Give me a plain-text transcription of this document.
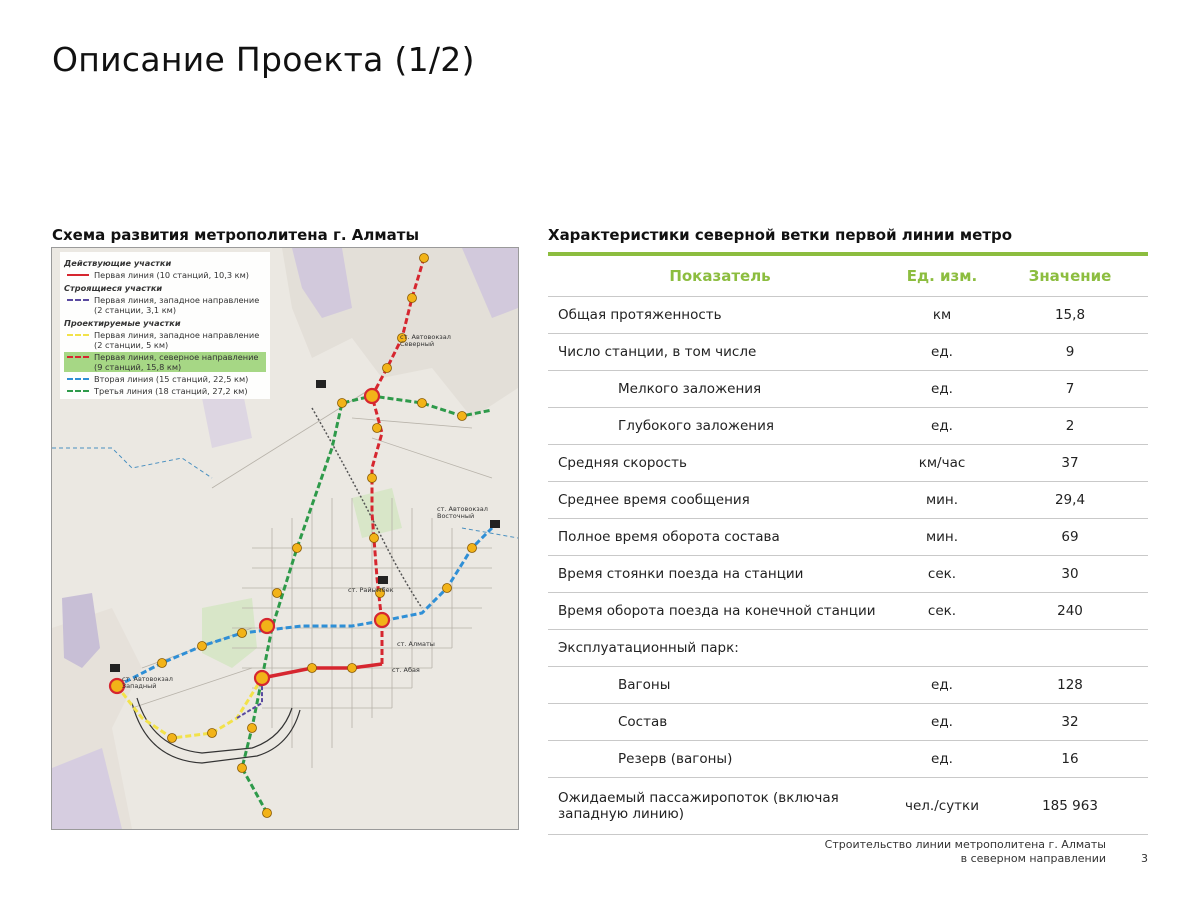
Описание Проекта (1/2)
Схема развития метрополитена г. Алматы	Характеристики северной ветки первой линии метро
Действующие участки
Первая линия (10 станций, 10,3 км)
Строящиеся участки
Первая линия, западное направление (2 станции, 3,1 км)
Проектируемые участки
Первая линия, западное направление (2 станции, 5 км)
Первая линия, северное направление (9 станций, 15,8 км)
Вторая линия (15 станций, 22,5 км)
Третья линия (18 станций, 27,2 км)
ст. Автовокзал Северный
ст. Автовокзал Восточный
ст. Автовокзал Западный
ст. Райымбек
ст. Абая
ст. Алматы
Показатель	Ед. изм.	Значение
Общая протяженность	км	15,8
Число станции, в том числе	ед.	9
Мелкого заложения	ед.	7
Глубокого заложения	ед.	2
Средняя скорость	км/час	37
Среднее время сообщения	мин.	29,4
Полное время оборота состава	мин.	69
Время стоянки поезда на станции	сек.	30
Время оборота поезда на конечной станции	сек.	240
Эксплуатационный парк:		
Вагоны	ед.	128
Состав	ед.	32
Резерв (вагоны)	ед.	16
Ожидаемый пассажиропоток (включая западную линию)	чел./сутки	185 963
Строительство линии метрополитена г. Алматы
в северном направлении	3
